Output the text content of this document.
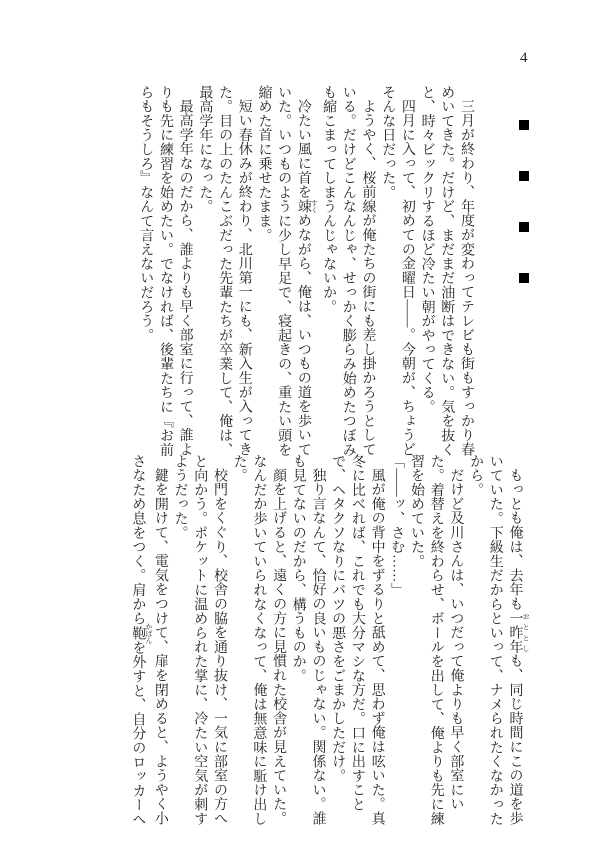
4

三月が終わり、年度が変わってテレビも街もすっかり春めいてきた。だけど、まだまだ油断はできない。気を抜くと、時々ビックリするほど冷たい朝がやってくる。

四月に入って、初めての金曜日――。今朝が、ちょうどそんな日だった。

ようやく、桜前線が俺たちの街にも差し掛かろうとしている。だけどこんなんじゃ、せっかく膨らみ始めたつぼみも縮こまってしまうんじゃないか。

冷たい風に首を竦 すくめながら、俺は、いつもの道を歩いていた。いつものように少し早足で、寝起きの、重たい頭を縮めた首に乗せたまま。

短い春休みが終わり、北川第一にも、新入生が入ってきた。目の上のたんこぶだった先輩たちが卒業して、俺は、最高学年になった。

最高学年なのだから、誰よりも早く部室に行って、誰よりも先に練習を始めたい。でなければ、後輩たちに『お前らもそうしろ』なんて言えないだろう。

もっとも俺は、去年も一昨年 おととしも、同じ時間にこの道を歩いていた。下級生だからといって、ナメられたくなかったから。

だけど及川さんは、いつだって俺よりも早く部室にいた。着替えを終わらせ、ボールを出して、俺よりも先に練習を始めていた。

「――ッ、さむ……」

風が俺の背中をずるりと舐めて、思わず俺は呟いた。真冬に比べれば、これでも大分マシな方だ。口に出すことで、ヘタクソなりにバツの悪さをごまかしただけ。

独り言なんて、恰好の良いものじゃない。関係ない。誰も見てないのだから、構うものか。

顔を上げると、遠くの方に見慣れた校舎が見えていた。なんだか歩いていられなくなって、俺は無意味に駈け出した。

校門をくぐり、校舎の脇を通り抜け、一気に部室の方へと向かう。ポケットに温められた掌に、冷たい空気が刺すようだった。

鍵を開けて、電気をつけて、扉を閉めると、ようやく小さなため息をつく。肩から鞄 かばんを外すと、自分のロッカーへ
